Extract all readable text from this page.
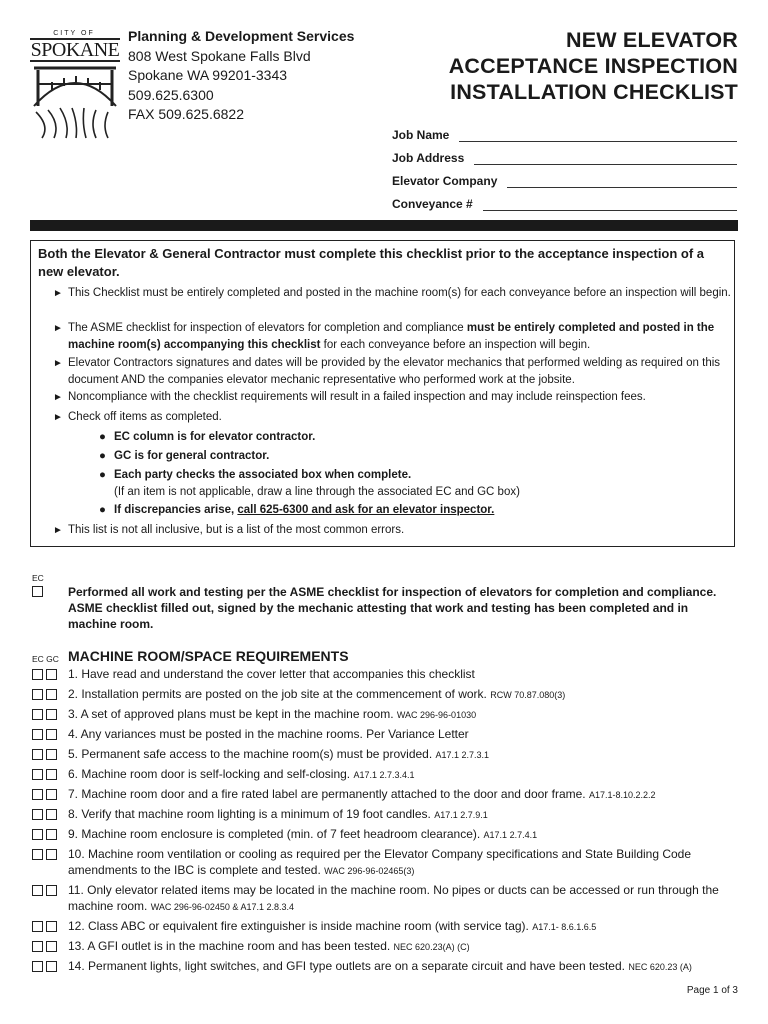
CITY OF
SPOKANE
Planning & Development Services
808 West Spokane Falls Blvd
Spokane WA 99201-3343
509.625.6300
FAX 509.625.6822
NEW ELEVATOR
ACCEPTANCE INSPECTION
INSTALLATION CHECKLIST
Job Name
Job Address
Elevator Company
Conveyance #
Both the Elevator & General Contractor must complete this checklist prior to the acceptance inspection of a new elevator.
► This Checklist must be entirely completed and posted in the machine room(s) for each conveyance before an inspection will begin.
► The ASME checklist for inspection of elevators for completion and compliance must be entirely completed and posted in the machine room(s) accompanying this checklist for each conveyance before an inspection will begin.
► Elevator Contractors signatures and dates will be provided by the elevator mechanics that performed welding as required on this document AND the companies elevator mechanic representative who performed work at the jobsite.
► Noncompliance with the checklist requirements will result in a failed inspection and may include reinspection fees.
► Check off items as completed.
● EC column is for elevator contractor.
● GC is for general contractor.
● Each party checks the associated box when complete.
(If an item is not applicable, draw a line through the associated EC and GC box)
● If discrepancies arise, call 625-6300 and ask for an elevator inspector.
► This list is not all inclusive, but is a list of the most common errors.
EC
Performed all work and testing per the ASME checklist for inspection of elevators for completion and compliance. ASME checklist filled out, signed by the mechanic attesting that work and testing has been completed and in machine room.
EC GC MACHINE ROOM/SPACE REQUIREMENTS
1. Have read and understand the cover letter that accompanies this checklist
2. Installation permits are posted on the job site at the commencement of work. RCW 70.87.080(3)
3. A set of approved plans must be kept in the machine room. WAC 296-96-01030
4. Any variances must be posted in the machine rooms. Per Variance Letter
5. Permanent safe access to the machine room(s) must be provided. A17.1 2.7.3.1
6. Machine room door is self-locking and self-closing. A17.1 2.7.3.4.1
7. Machine room door and a fire rated label are permanently attached to the door and door frame. A17.1-8.10.2.2.2
8. Verify that machine room lighting is a minimum of 19 foot candles. A17.1 2.7.9.1
9. Machine room enclosure is completed (min. of 7 feet headroom clearance). A17.1 2.7.4.1
10. Machine room ventilation or cooling as required per the Elevator Company specifications and State Building Code amendments to the IBC is complete and tested. WAC 296-96-02465(3)
11. Only elevator related items may be located in the machine room. No pipes or ducts can be accessed or run through the machine room. WAC 296-96-02450 & A17.1 2.8.3.4
12. Class ABC or equivalent fire extinguisher is inside machine room (with service tag). A17.1- 8.6.1.6.5
13. A GFI outlet is in the machine room and has been tested. NEC 620.23(A) (C)
14. Permanent lights, light switches, and GFI type outlets are on a separate circuit and have been tested. NEC 620.23 (A)
Page 1 of 3
